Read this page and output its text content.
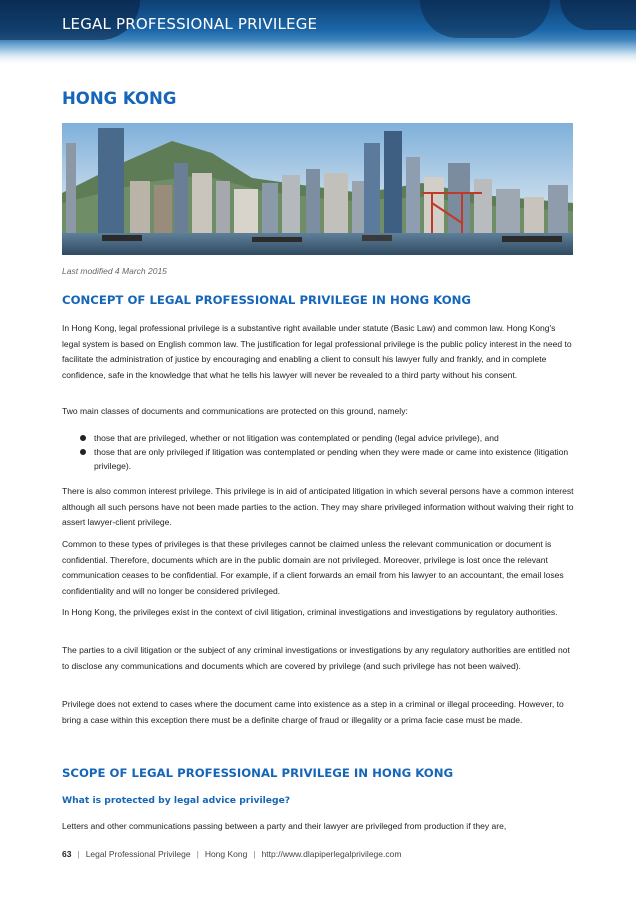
LEGAL PROFESSIONAL PRIVILEGE
HONG KONG
Last modified 4 March 2015
CONCEPT OF LEGAL PROFESSIONAL PRIVILEGE IN HONG KONG
In Hong Kong, legal professional privilege is a substantive right available under statute (Basic Law) and common law. Hong Kong's legal system is based on English common law. The justification for legal professional privilege is the public policy interest in the need to facilitate the administration of justice by encouraging and enabling a client to consult his lawyer fully and frankly, and in complete confidence, safe in the knowledge that what he tells his lawyer will never be revealed to a third party without his consent.
Two main classes of documents and communications are protected on this ground, namely:
those that are privileged, whether or not litigation was contemplated or pending (legal advice privilege), and
those that are only privileged if litigation was contemplated or pending when they were made or came into existence (litigation privilege).
There is also common interest privilege. This privilege is in aid of anticipated litigation in which several persons have a common interest although all such persons have not been made parties to the action. They may share privileged information without waiving their right to assert lawyer-client privilege.
Common to these types of privileges is that these privileges cannot be claimed unless the relevant communication or document is confidential. Therefore, documents which are in the public domain are not privileged. Moreover, privilege is lost once the relevant communication ceases to be confidential. For example, if a client forwards an email from his lawyer to an accountant, the email loses confidentiality and will no longer be considered privileged.
In Hong Kong, the privileges exist in the context of civil litigation, criminal investigations and investigations by regulatory authorities.
The parties to a civil litigation or the subject of any criminal investigations or investigations by any regulatory authorities are entitled not to disclose any communications and documents which are covered by privilege (and such privilege has not been waived).
Privilege does not extend to cases where the document came into existence as a step in a criminal or illegal proceeding. However, to bring a case within this exception there must be a definite charge of fraud or illegality or a prima facie case must be made.
SCOPE OF LEGAL PROFESSIONAL PRIVILEGE IN HONG KONG
What is protected by legal advice privilege?
Letters and other communications passing between a party and their lawyer are privileged from production if they are,
63 | Legal Professional Privilege | Hong Kong | http://www.dlapiperlegalprivilege.com
